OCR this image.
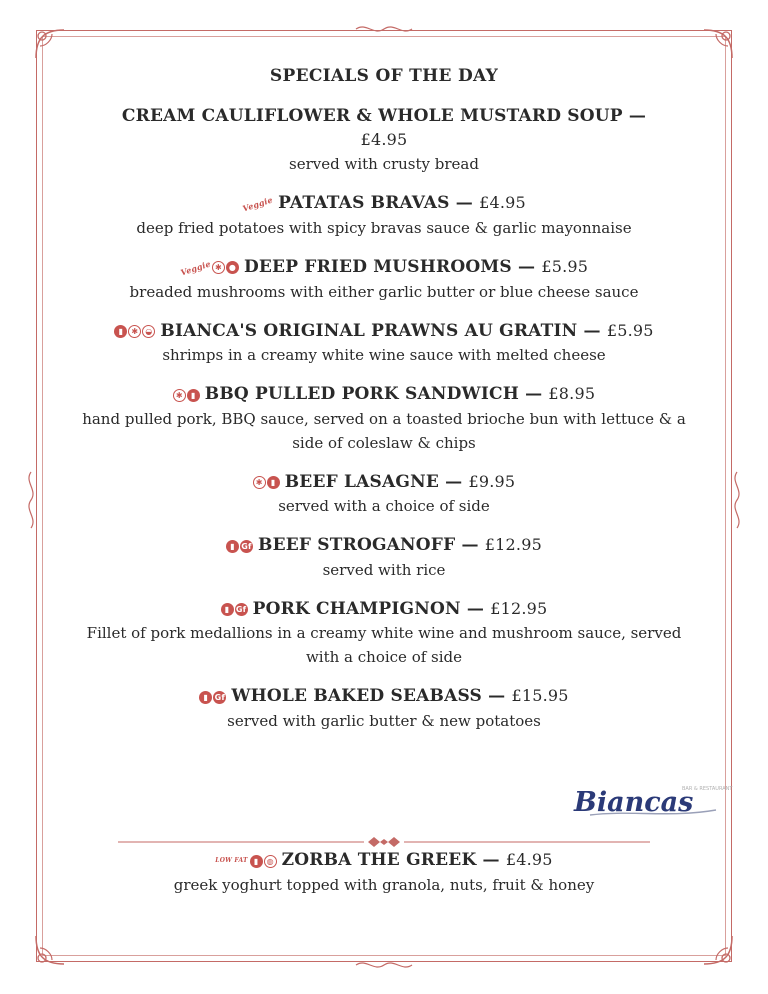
SPECIALS OF THE DAY
CREAM CAULIFLOWER & WHOLE MUSTARD SOUP —
£4.95
served with crusty bread
Veggie PATATAS BRAVAS — £4.95
deep fried potatoes with spicy bravas sauce & garlic mayonnaise
Veggie ✱ ● DEEP FRIED MUSHROOMS — £5.95
breaded mushrooms with either garlic butter or blue cheese sauce
▮ ✱ ◒ BIANCA'S ORIGINAL PRAWNS AU GRATIN — £5.95
shrimps in a creamy white wine sauce with melted cheese
✱ ▮ BBQ PULLED PORK SANDWICH — £8.95
hand pulled pork, BBQ sauce, served on a toasted brioche bun with lettuce & a side of coleslaw & chips
✱ ▮ BEEF LASAGNE — £9.95
served with a choice of side
▮ Gf BEEF STROGANOFF — £12.95
served with rice
▮ Gf PORK CHAMPIGNON — £12.95
Fillet of pork medallions in a creamy white wine and mushroom sauce, served with a choice of side
▮ Gf WHOLE BAKED SEABASS — £15.95
served with garlic butter & new potatoes
BAR & RESTAURANT
Biancas
LOW FAT ▮ ◍ ZORBA THE GREEK — £4.95
greek yoghurt topped with granola, nuts, fruit & honey
